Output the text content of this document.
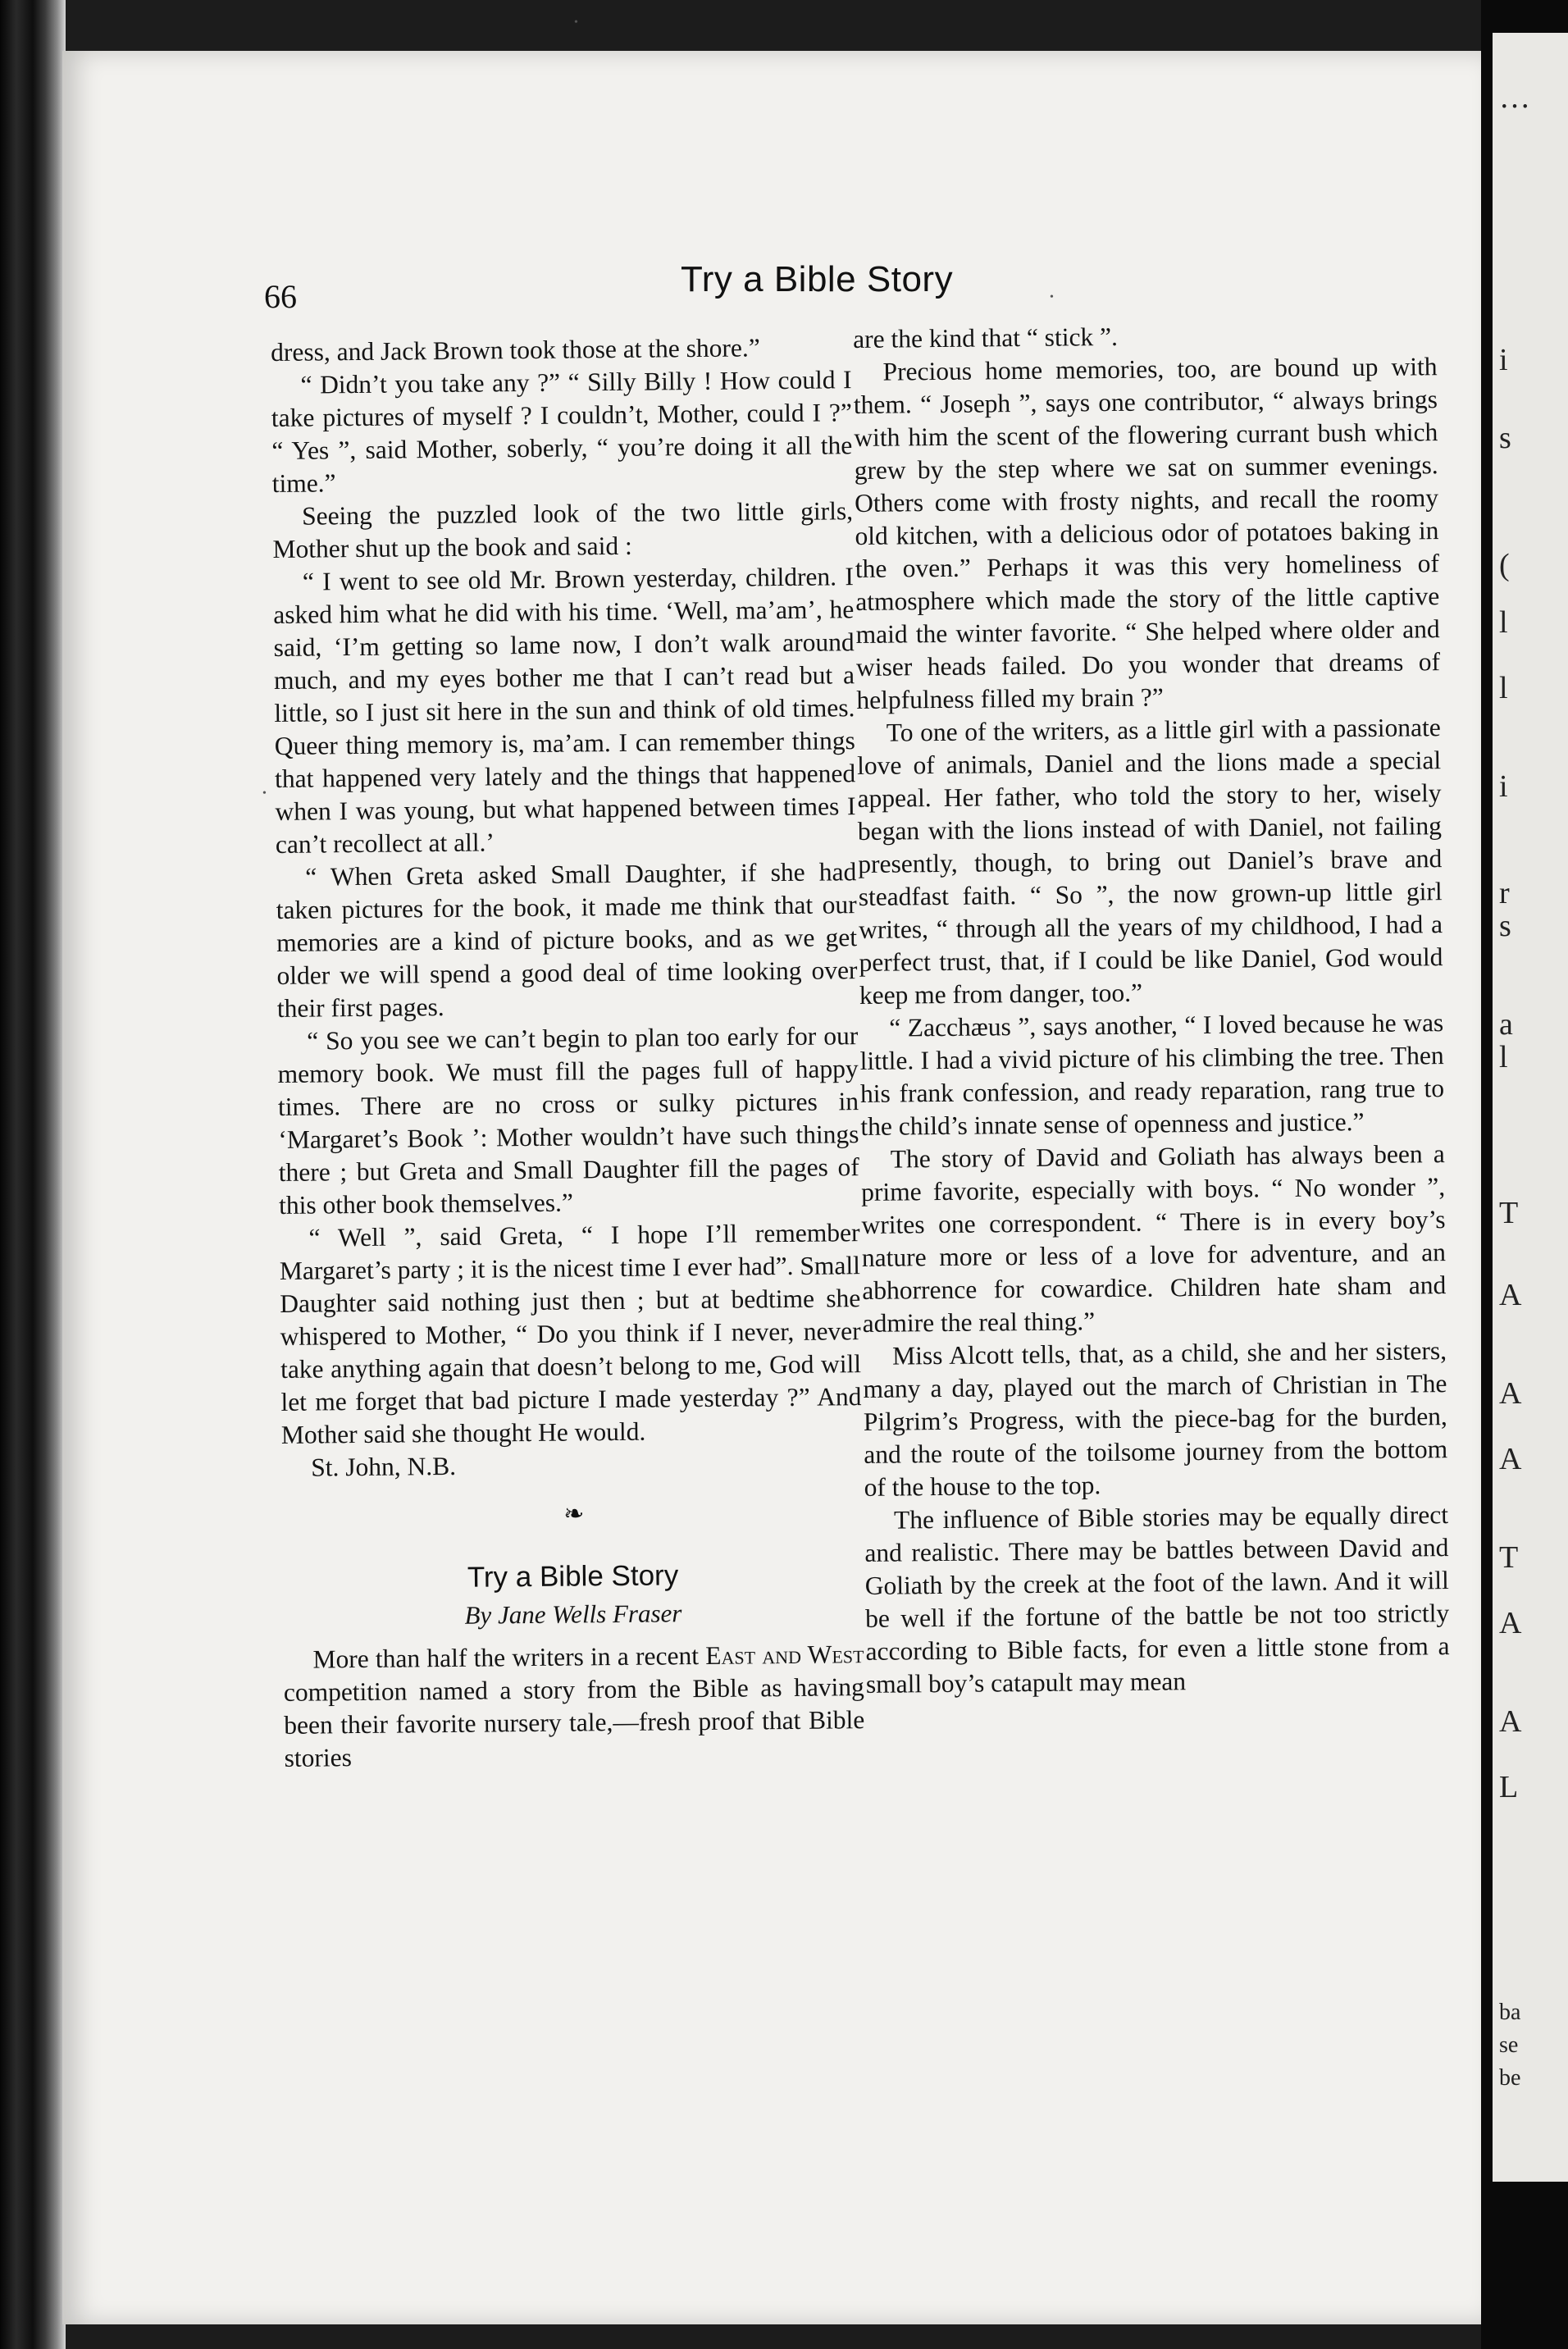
…
i
s
(
l
l
i
r
s
a
l
T
A
A
A
T
A
A
L
ba
se
be
66	Try a Bible Story

dress, and Jack Brown took those at the shore.”

“ Didn’t you take any ?” “ Silly Billy ! How could I take pictures of myself ? I couldn’t, Mother, could I ?” “ Yes ”, said Mother, soberly, “ you’re doing it all the time.”

Seeing the puzzled look of the two little girls, Mother shut up the book and said :

“ I went to see old Mr. Brown yesterday, children. I asked him what he did with his time. ‘Well, ma’am’, he said, ‘I’m getting so lame now, I don’t walk around much, and my eyes bother me that I can’t read but a little, so I just sit here in the sun and think of old times. Queer thing memory is, ma’am. I can remember things that happened very lately and the things that happened when I was young, but what happened between times I can’t recollect at all.’

“ When Greta asked Small Daughter, if she had taken pictures for the book, it made me think that our memories are a kind of picture books, and as we get older we will spend a good deal of time looking over their first pages.

“ So you see we can’t begin to plan too early for our memory book. We must fill the pages full of happy times. There are no cross or sulky pictures in ‘Margaret’s Book ’: Mother wouldn’t have such things there ; but Greta and Small Daughter fill the pages of this other book themselves.”

“ Well ”, said Greta, “ I hope I’ll remember Margaret’s party ; it is the nicest time I ever had”. Small Daughter said nothing just then ; but at bedtime she whispered to Mother, “ Do you think if I never, never take anything again that doesn’t belong to me, God will let me forget that bad picture I made yesterday ?” And Mother said she thought He would.

St. John, N.B.

❧
Try a Bible Story
By Jane Wells Fraser

More than half the writers in a recent East and West competition named a story from the Bible as having been their favorite nursery tale,—fresh proof that Bible stories

are the kind that “ stick ”.

Precious home memories, too, are bound up with them. “ Joseph ”, says one contributor, “ always brings with him the scent of the flowering currant bush which grew by the step where we sat on summer evenings. Others come with frosty nights, and recall the roomy old kitchen, with a delicious odor of potatoes baking in the oven.” Perhaps it was this very homeliness of atmosphere which made the story of the little captive maid the winter favorite. “ She helped where older and wiser heads failed. Do you wonder that dreams of helpfulness filled my brain ?”

To one of the writers, as a little girl with a passionate love of animals, Daniel and the lions made a special appeal. Her father, who told the story to her, wisely began with the lions instead of with Daniel, not failing presently, though, to bring out Daniel’s brave and steadfast faith. “ So ”, the now grown-up little girl writes, “ through all the years of my childhood, I had a perfect trust, that, if I could be like Daniel, God would keep me from danger, too.”

“ Zacchæus ”, says another, “ I loved because he was little. I had a vivid picture of his climbing the tree. Then his frank confession, and ready reparation, rang true to the child’s innate sense of openness and justice.”

The story of David and Goliath has always been a prime favorite, especially with boys. “ No wonder ”, writes one correspondent. “ There is in every boy’s nature more or less of a love for adventure, and an abhorrence for cowardice. Children hate sham and admire the real thing.”

Miss Alcott tells, that, as a child, she and her sisters, many a day, played out the march of Christian in The Pilgrim’s Progress, with the piece-bag for the burden, and the route of the toilsome journey from the bottom of the house to the top.

The influence of Bible stories may be equally direct and realistic. There may be battles between David and Goliath by the creek at the foot of the lawn. And it will be well if the fortune of the battle be not too strictly according to Bible facts, for even a little stone from a small boy’s catapult may mean

•
•
•
